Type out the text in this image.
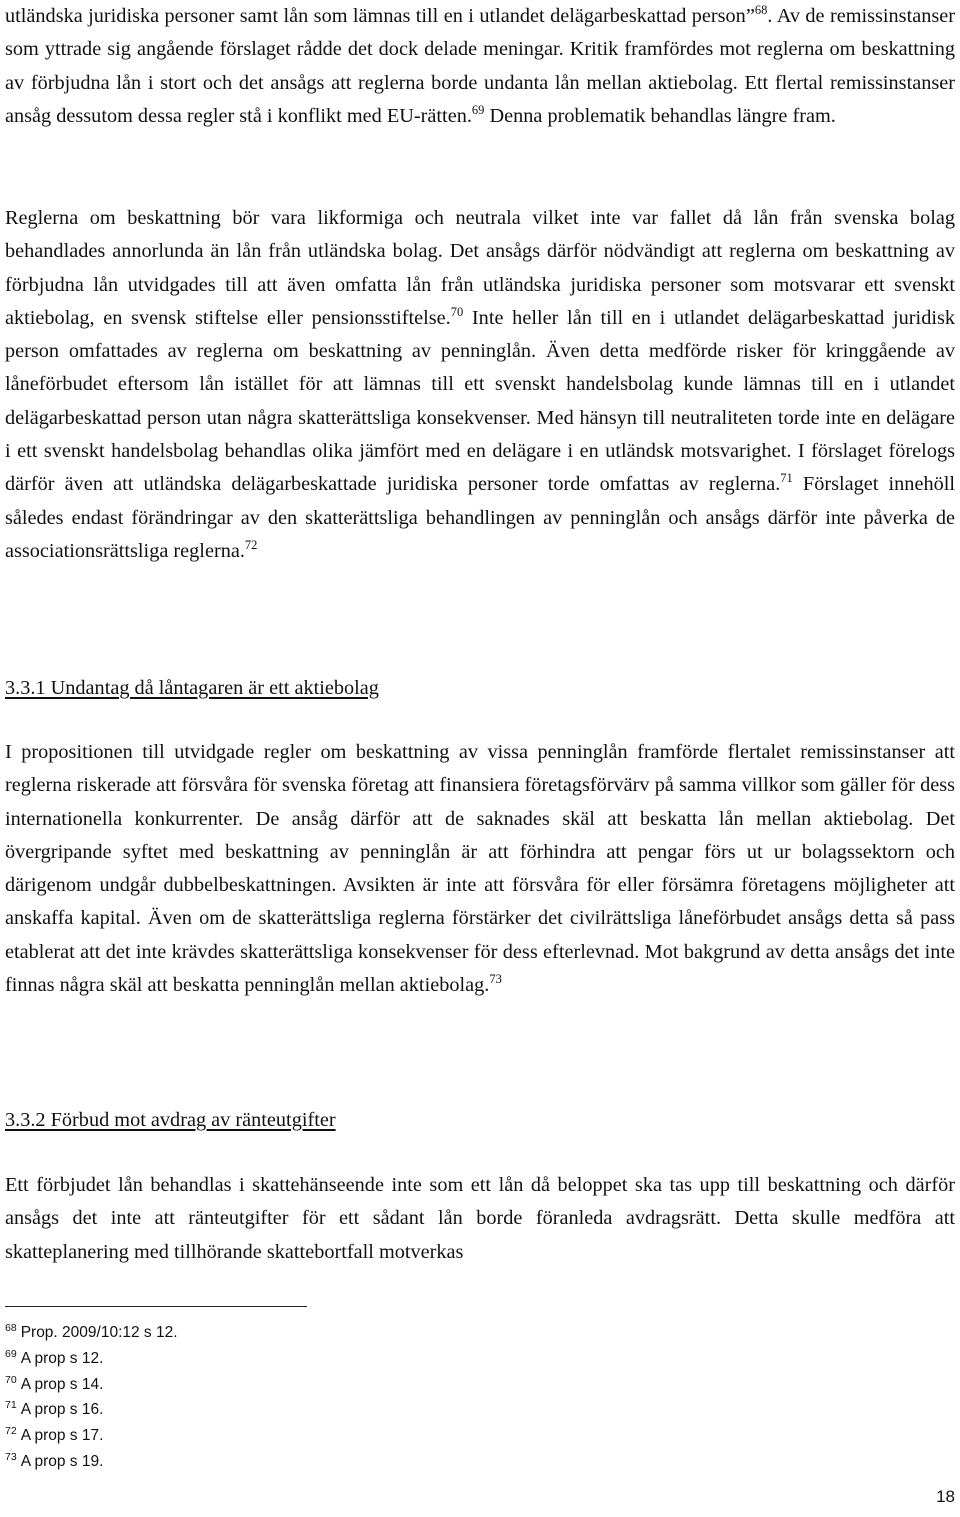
utländska juridiska personer samt lån som lämnas till en i utlandet delägarbeskattad person”$^{68}$. Av de remissinstanser som yttrade sig angående förslaget rådde det dock delade meningar. Kritik framfördes mot reglerna om beskattning av förbjudna lån i stort och det ansågs att reglerna borde undanta lån mellan aktiebolag. Ett flertal remissinstanser ansåg dessutom dessa regler stå i konflikt med EU-rätten.$^{69}$ Denna problematik behandlas längre fram.

Reglerna om beskattning bör vara likformiga och neutrala vilket inte var fallet då lån från svenska bolag behandlades annorlunda än lån från utländska bolag. Det ansågs därför nödvändigt att reglerna om beskattning av förbjudna lån utvidgades till att även omfatta lån från utländska juridiska personer som motsvarar ett svenskt aktiebolag, en svensk stiftelse eller pensionsstiftelse.$^{70}$ Inte heller lån till en i utlandet delägarbeskattad juridisk person omfattades av reglerna om beskattning av penninglån. Även detta medförde risker för kringgående av låneförbudet eftersom lån istället för att lämnas till ett svenskt handelsbolag kunde lämnas till en i utlandet delägarbeskattad person utan några skatterättsliga konsekvenser. Med hänsyn till neutraliteten torde inte en delägare i ett svenskt handelsbolag behandlas olika jämfört med en delägare i en utländsk motsvarighet. I förslaget förelogs därför även att utländska delägarbeskattade juridiska personer torde omfattas av reglerna.$^{71}$ Förslaget innehöll således endast förändringar av den skatterättsliga behandlingen av penninglån och ansågs därför inte påverka de associationsrättsliga reglerna.$^{72}$

3.3.1 Undantag då låntagaren är ett aktiebolag

I propositionen till utvidgade regler om beskattning av vissa penninglån framförde flertalet remissinstanser att reglerna riskerade att försvåra för svenska företag att finansiera företagsförvärv på samma villkor som gäller för dess internationella konkurrenter. De ansåg därför att de saknades skäl att beskatta lån mellan aktiebolag. Det övergripande syftet med beskattning av penninglån är att förhindra att pengar förs ut ur bolagssektorn och därigenom undgår dubbelbeskattningen. Avsikten är inte att försvåra för eller försämra företagens möjligheter att anskaffa kapital. Även om de skatterättsliga reglerna förstärker det civilrättsliga låneförbudet ansågs detta så pass etablerat att det inte krävdes skatterättsliga konsekvenser för dess efterlevnad. Mot bakgrund av detta ansågs det inte finnas några skäl att beskatta penninglån mellan aktiebolag.$^{73}$

3.3.2 Förbud mot avdrag av ränteutgifter

Ett förbjudet lån behandlas i skattehänseende inte som ett lån då beloppet ska tas upp till beskattning och därför ansågs det inte att ränteutgifter för ett sådant lån borde föranleda avdragsrätt. Detta skulle medföra att skatteplanering med tillhörande skattebortfall motverkas

$^{68}$ Prop. 2009/10:12 s 12.
$^{69}$ A prop s 12.
$^{70}$ A prop s 14.
$^{71}$ A prop s 16.
$^{72}$ A prop s 17.
$^{73}$ A prop s 19.
18
